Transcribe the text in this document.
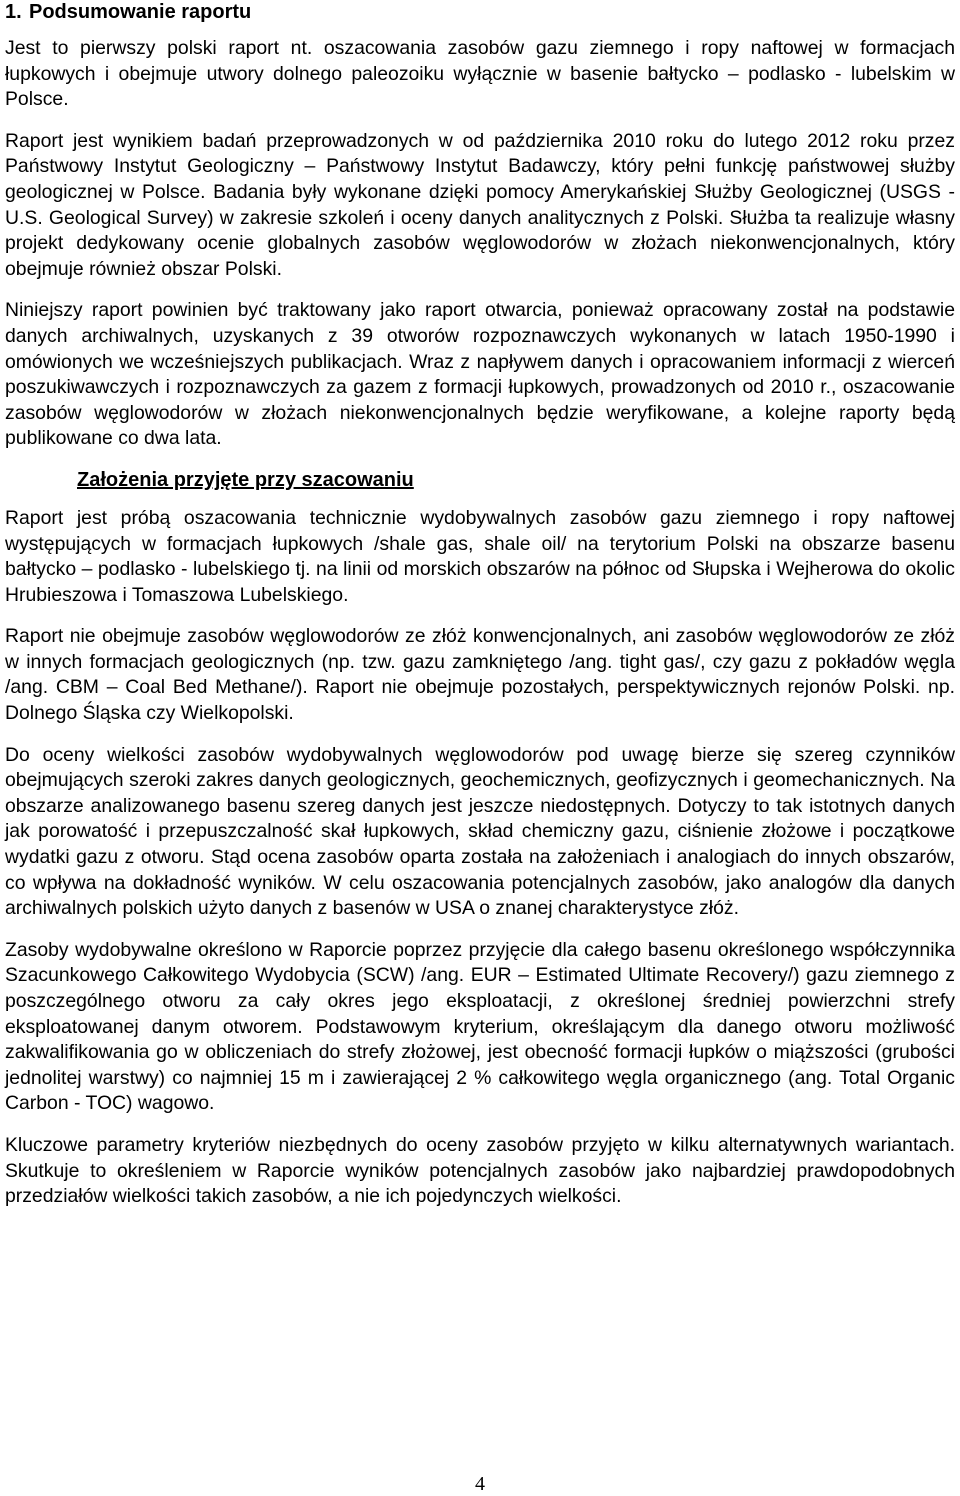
1. Podsumowanie raportu

Jest to pierwszy polski raport nt. oszacowania zasobów gazu ziemnego i ropy naftowej w formacjach łupkowych i obejmuje utwory dolnego paleozoiku wyłącznie w basenie bałtycko – podlasko - lubelskim w Polsce.

Raport jest wynikiem badań przeprowadzonych w od października 2010 roku do lutego 2012 roku przez Państwowy Instytut Geologiczny – Państwowy Instytut Badawczy, który pełni funkcję państwowej służby geologicznej w Polsce. Badania były wykonane dzięki pomocy Amerykańskiej Służby Geologicznej (USGS - U.S. Geological Survey) w zakresie szkoleń i oceny danych analitycznych z Polski. Służba ta realizuje własny projekt dedykowany ocenie globalnych zasobów węglowodorów w złożach niekonwencjonalnych, który obejmuje również obszar Polski.

Niniejszy raport powinien być traktowany jako raport otwarcia, ponieważ opracowany został na podstawie danych archiwalnych, uzyskanych z 39 otworów rozpoznawczych wykonanych w latach 1950-1990 i omówionych we wcześniejszych publikacjach. Wraz z napływem danych i opracowaniem informacji z wierceń poszukiwawczych i rozpoznawczych za gazem z formacji łupkowych, prowadzonych od 2010 r., oszacowanie zasobów węglowodorów w złożach niekonwencjonalnych będzie weryfikowane, a kolejne raporty będą publikowane co dwa lata.

Założenia przyjęte przy szacowaniu

Raport jest próbą oszacowania technicznie wydobywalnych zasobów gazu ziemnego i ropy naftowej występujących w formacjach łupkowych /shale gas, shale oil/ na terytorium Polski na obszarze basenu bałtycko – podlasko - lubelskiego tj. na linii od morskich obszarów na północ od Słupska i Wejherowa do okolic Hrubieszowa i Tomaszowa Lubelskiego.

Raport nie obejmuje zasobów węglowodorów ze złóż konwencjonalnych, ani zasobów węglowodorów ze złóż w innych formacjach geologicznych (np. tzw. gazu zamkniętego /ang. tight gas/, czy gazu z pokładów węgla /ang. CBM – Coal Bed Methane/). Raport nie obejmuje pozostałych, perspektywicznych rejonów Polski. np. Dolnego Śląska czy Wielkopolski.

Do oceny wielkości zasobów wydobywalnych węglowodorów pod uwagę bierze się szereg czynników obejmujących szeroki zakres danych geologicznych, geochemicznych, geofizycznych i geomechanicznych. Na obszarze analizowanego basenu szereg danych jest jeszcze niedostępnych. Dotyczy to tak istotnych danych jak porowatość i przepuszczalność skał łupkowych, skład chemiczny gazu, ciśnienie złożowe i początkowe wydatki gazu z otworu. Stąd ocena zasobów oparta została na założeniach i analogiach do innych obszarów, co wpływa na dokładność wyników. W celu oszacowania potencjalnych zasobów, jako analogów dla danych archiwalnych polskich użyto danych z basenów w USA o znanej charakterystyce złóż.

Zasoby wydobywalne określono w Raporcie poprzez przyjęcie dla całego basenu określonego współczynnika Szacunkowego Całkowitego Wydobycia (SCW) /ang. EUR – Estimated Ultimate Recovery/) gazu ziemnego z poszczególnego otworu za cały okres jego eksploatacji, z określonej średniej powierzchni strefy eksploatowanej danym otworem. Podstawowym kryterium, określającym dla danego otworu możliwość zakwalifikowania go w obliczeniach do strefy złożowej, jest obecność formacji łupków o miąższości (grubości jednolitej warstwy) co najmniej 15 m i zawierającej 2 % całkowitego węgla organicznego (ang. Total Organic Carbon - TOC) wagowo.

Kluczowe parametry kryteriów niezbędnych do oceny zasobów przyjęto w kilku alternatywnych wariantach. Skutkuje to określeniem w Raporcie wyników potencjalnych zasobów jako najbardziej prawdopodobnych przedziałów wielkości takich zasobów, a nie ich pojedynczych wielkości.

4
